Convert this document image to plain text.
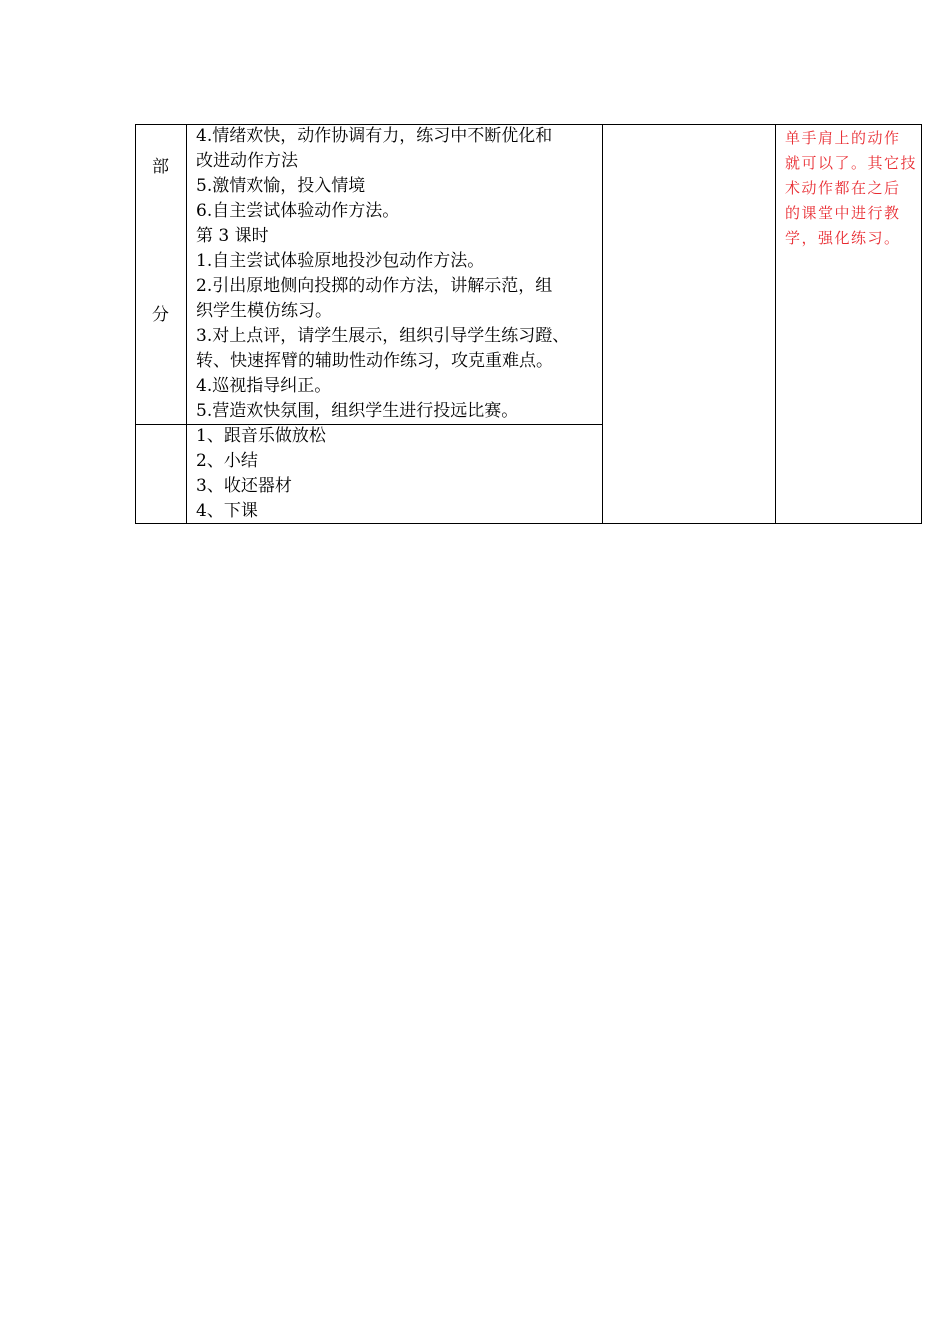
部
分
4.情绪欢快，动作协调有力，练习中不断优化和
改进动作方法
5.激情欢愉，投入情境
6.自主尝试体验动作方法。
第 3 课时
1.自主尝试体验原地投沙包动作方法。
2.引出原地侧向投掷的动作方法，讲解示范，组
织学生模仿练习。
3.对上点评，请学生展示，组织引导学生练习蹬、
转、快速挥臂的辅助性动作练习，攻克重难点。
4.巡视指导纠正。
5.营造欢快氛围，组织学生进行投远比赛。
1、跟音乐做放松
2、小结
3、收还器材
4、下课
单手肩上的动作
就可以了。其它技
术动作都在之后
的课堂中进行教
学，强化练习。
